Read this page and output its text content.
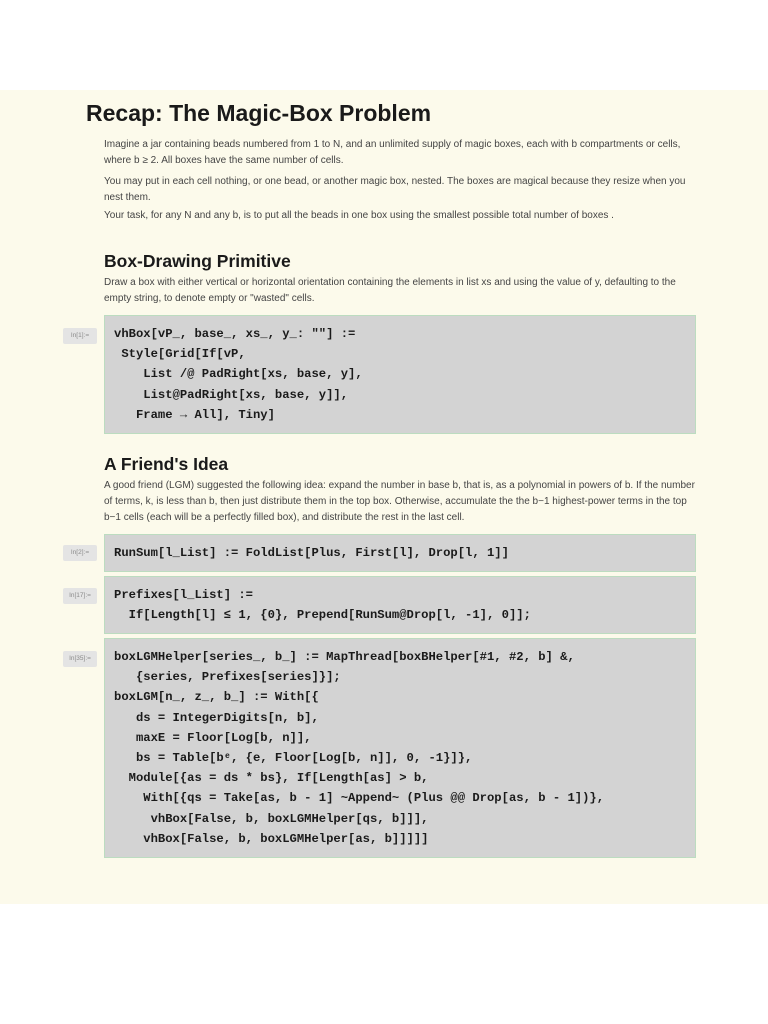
Recap: The Magic-Box Problem

Imagine a jar containing beads numbered from 1 to N, and an unlimited supply of magic boxes, each with b compartments or cells, where b ≥ 2. All boxes have the same number of cells.

You may put in each cell nothing, or one bead, or another magic box, nested. The boxes are magical because they resize when you nest them.

Your task, for any N and any b, is to put all the beads in one box using the smallest possible total number of boxes .

Box-Drawing Primitive

Draw a box with either vertical or horizontal orientation containing the elements in list xs and using the value of y, defaulting to the empty string, to denote empty or "wasted" cells.

In[1]:=	vhBox[vP_, base_, xs_, y_: ""] :=
Style[Grid[If[vP,
List /@ PadRight[xs, base, y],
List@PadRight[xs, base, y]],
Frame → All], Tiny]
A Friend's Idea

A good friend (LGM) suggested the following idea: expand the number in base b, that is, as a polynomial in powers of b. If the number of terms, k, is less than b, then just distribute them in the top box. Otherwise, accumulate the the b−1 highest-power terms in the top b−1 cells (each will be a perfectly filled box), and distribute the rest in the last cell.

In[2]:=	RunSum[l_List] := FoldList[Plus, First[l], Drop[l, 1]]
In[17]:=	Prefixes[l_List] :=
If[Length[l] ≤ 1, {0}, Prepend[RunSum@Drop[l, -1], 0]];
In[35]:=	boxLGMHelper[series_, b_] := MapThread[boxBHelper[#1, #2, b] &,
{series, Prefixes[series]}];
boxLGM[n_, z_, b_] := With[{
ds = IntegerDigits[n, b],
maxE = Floor[Log[b, n]],
bs = Table[bᵉ, {e, Floor[Log[b, n]], 0, -1}]},
Module[{as = ds * bs}, If[Length[as] > b,
With[{qs = Take[as, b - 1] ~Append~ (Plus @@ Drop[as, b - 1])},
vhBox[False, b, boxLGMHelper[qs, b]]],
vhBox[False, b, boxLGMHelper[as, b]]]]]
